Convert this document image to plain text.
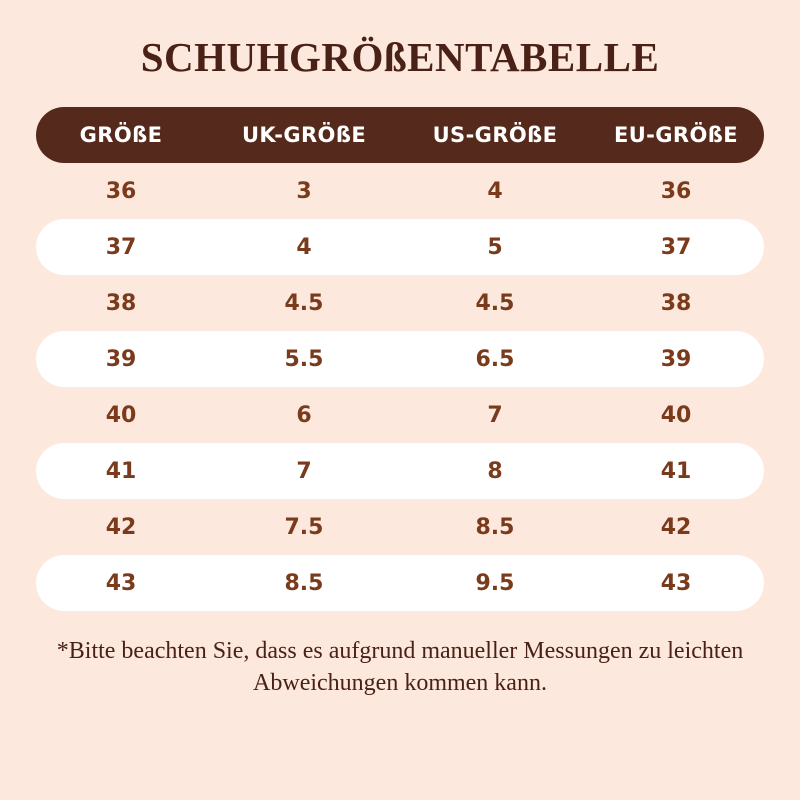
SCHUHGRÖßENTABELLE
GRÖßE	UK-GRÖßE	US-GRÖßE	EU-GRÖßE
36	3	4	36
37	4	5	37
38	4.5	4.5	38
39	5.5	6.5	39
40	6	7	40
41	7	8	41
42	7.5	8.5	42
43	8.5	9.5	43
*Bitte beachten Sie, dass es aufgrund manueller Messungen zu leichten Abweichungen kommen kann.
